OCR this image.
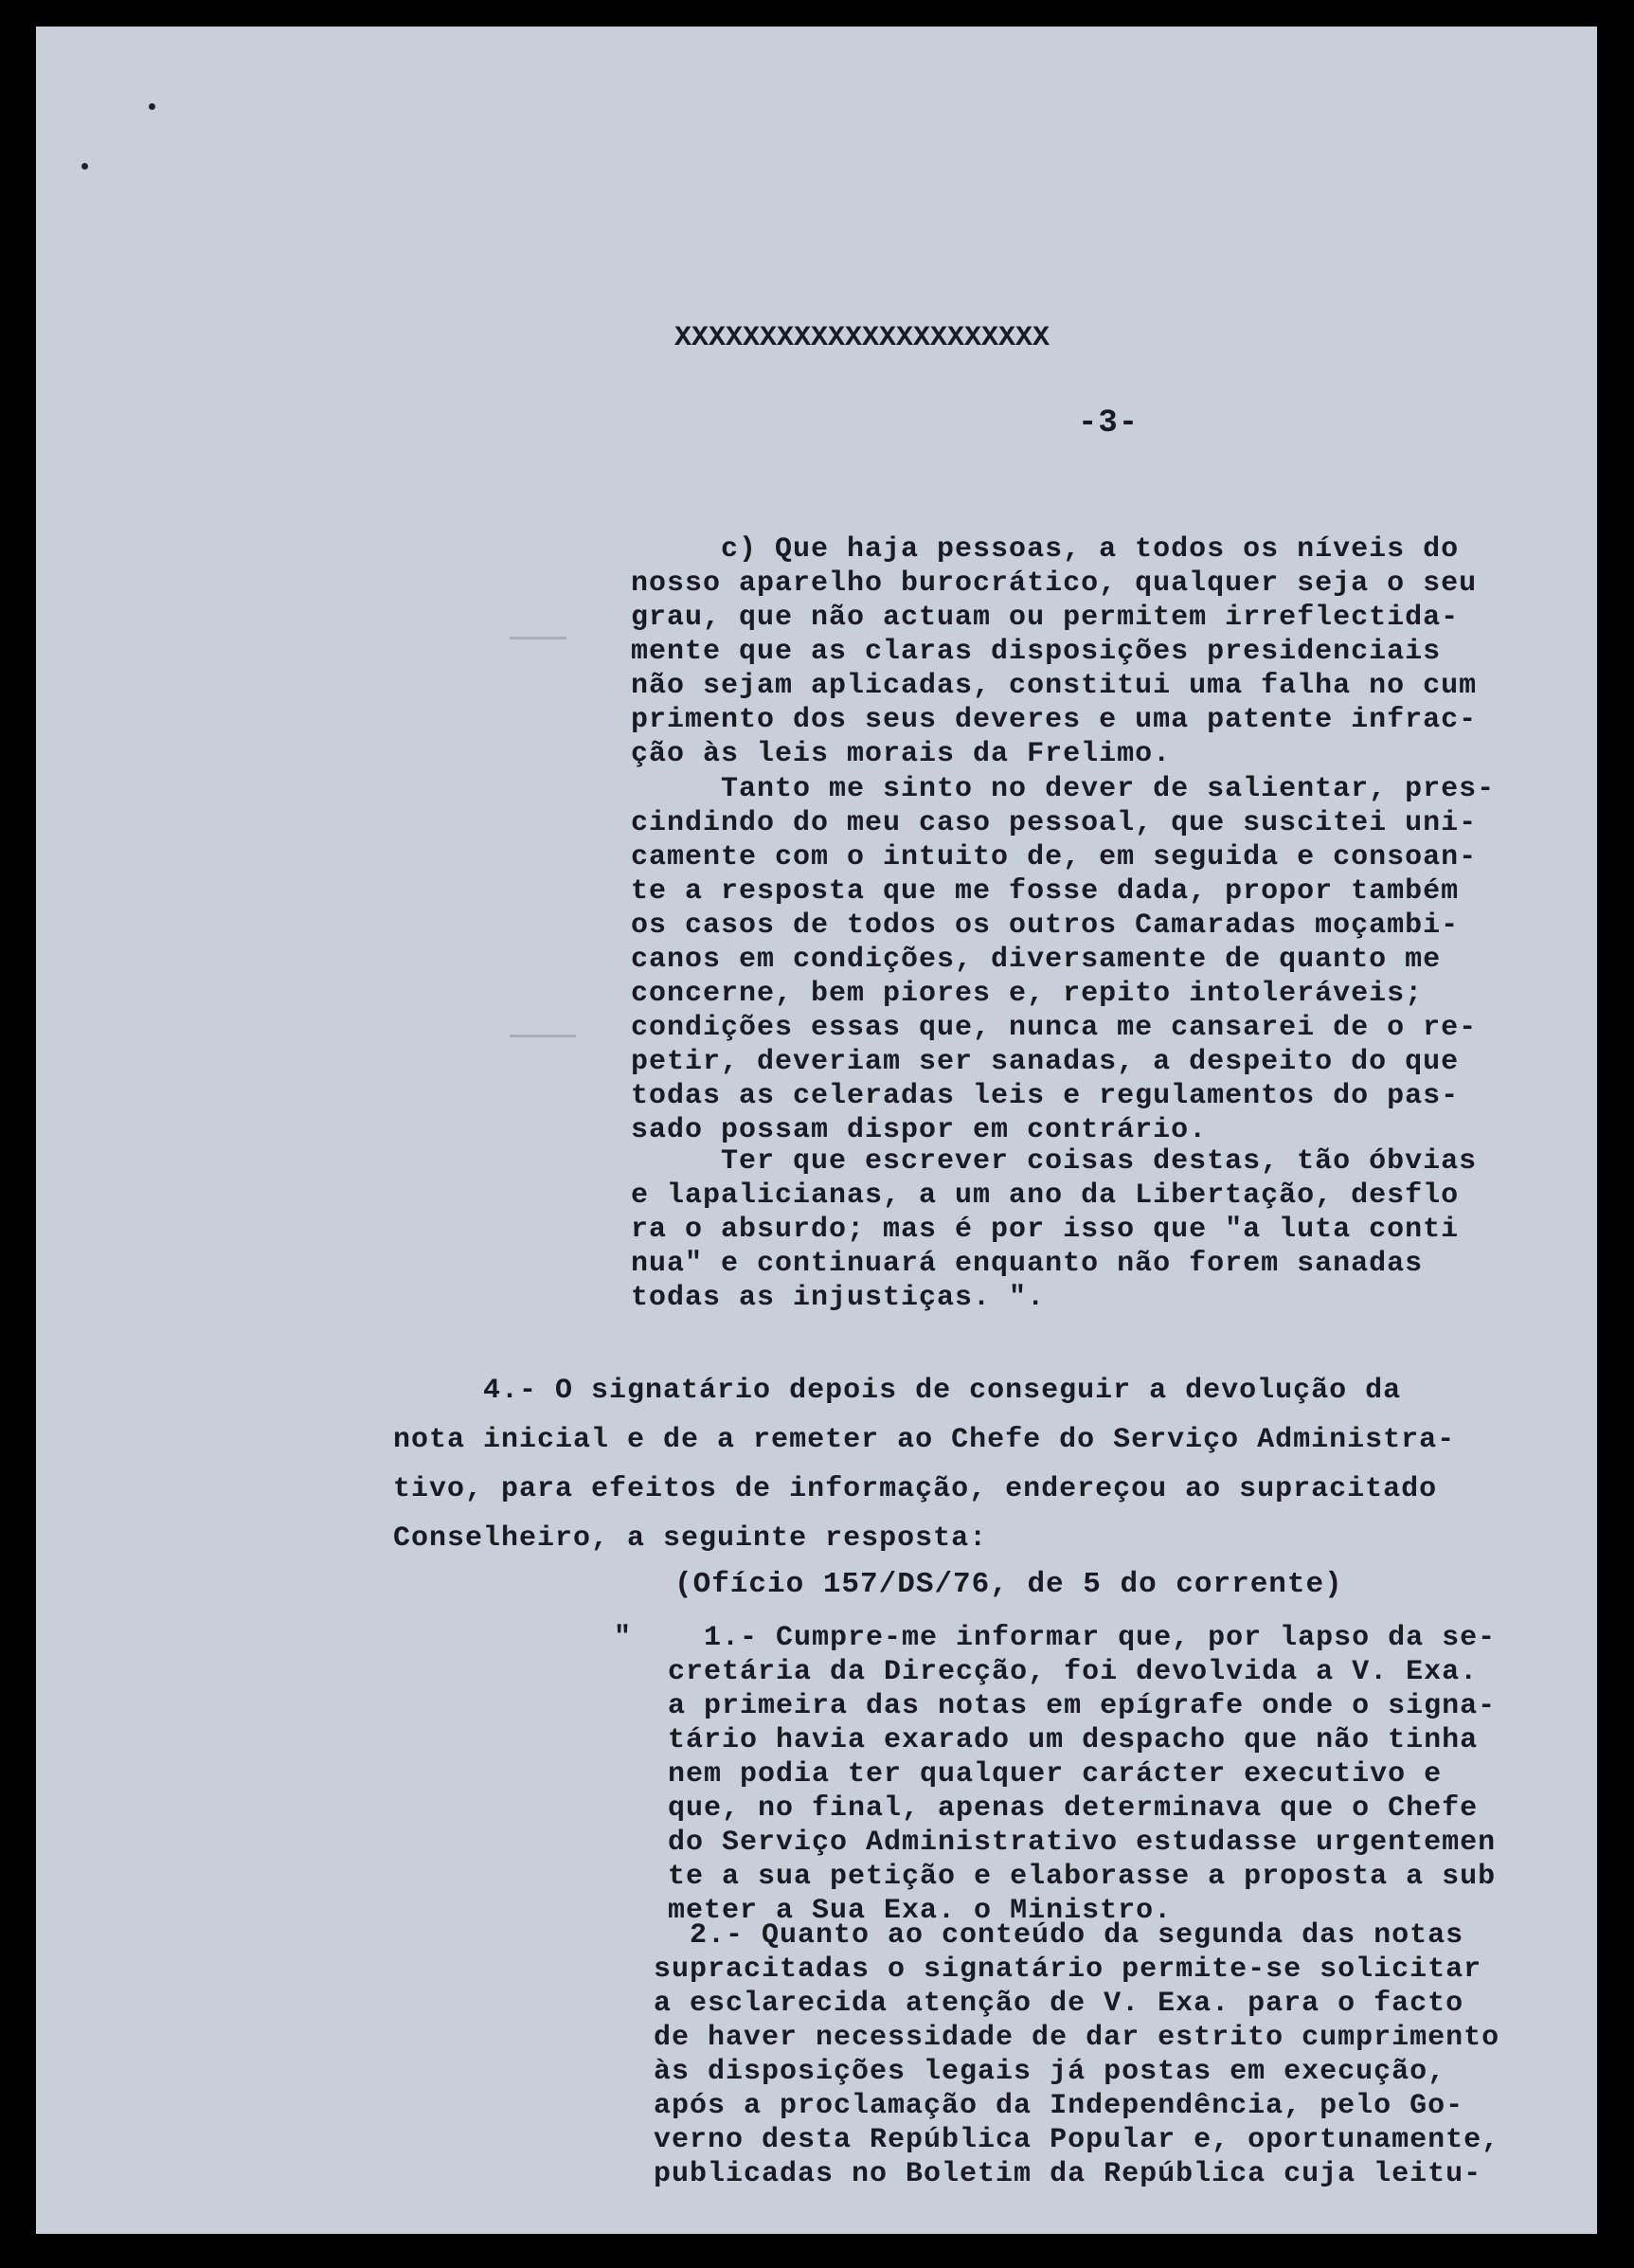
XXXXXXXXXXXXXXXXXXXXXX
-3-
c) Que haja pessoas, a todos os níveis do
nosso aparelho burocrático, qualquer seja o seu
grau, que não actuam ou permitem irreflectida-
mente que as claras disposições presidenciais
não sejam aplicadas, constitui uma falha no cum
primento dos seus deveres e uma patente infrac-
ção às leis morais da Frelimo.
Tanto me sinto no dever de salientar, pres-
cindindo do meu caso pessoal, que suscitei uni-
camente com o intuito de, em seguida e consoan-
te a resposta que me fosse dada, propor também
os casos de todos os outros Camaradas moçambi-
canos em condições, diversamente de quanto me
concerne, bem piores e, repito intoleráveis;
condições essas que, nunca me cansarei de o re-
petir, deveriam ser sanadas, a despeito do que
todas as celeradas leis e regulamentos do pas-
sado possam dispor em contrário.
Ter que escrever coisas destas, tão óbvias
e lapalicianas, a um ano da Libertação, desflo
ra o absurdo; mas é por isso que "a luta conti
nua" e continuará enquanto não forem sanadas
todas as injustiças. ".
4.- O signatário depois de conseguir a devolução da
nota inicial e de a remeter ao Chefe do Serviço Administra-
tivo, para efeitos de informação, endereçou ao supracitado
Conselheiro, a seguinte resposta:
(Ofício 157/DS/76, de 5 do corrente)
"    1.- Cumpre-me informar que, por lapso da se-
cretária da Direcção, foi devolvida a V. Exa.
a primeira das notas em epígrafe onde o signa-
tário havia exarado um despacho que não tinha
nem podia ter qualquer carácter executivo e
que, no final, apenas determinava que o Chefe
do Serviço Administrativo estudasse urgentemen
te a sua petição e elaborasse a proposta a sub
meter a Sua Exa. o Ministro.
2.- Quanto ao conteúdo da segunda das notas
supracitadas o signatário permite-se solicitar
a esclarecida atenção de V. Exa. para o facto
de haver necessidade de dar estrito cumprimento
às disposições legais já postas em execução,
após a proclamação da Independência, pelo Go-
verno desta República Popular e, oportunamente,
publicadas no Boletim da República cuja leitu-
